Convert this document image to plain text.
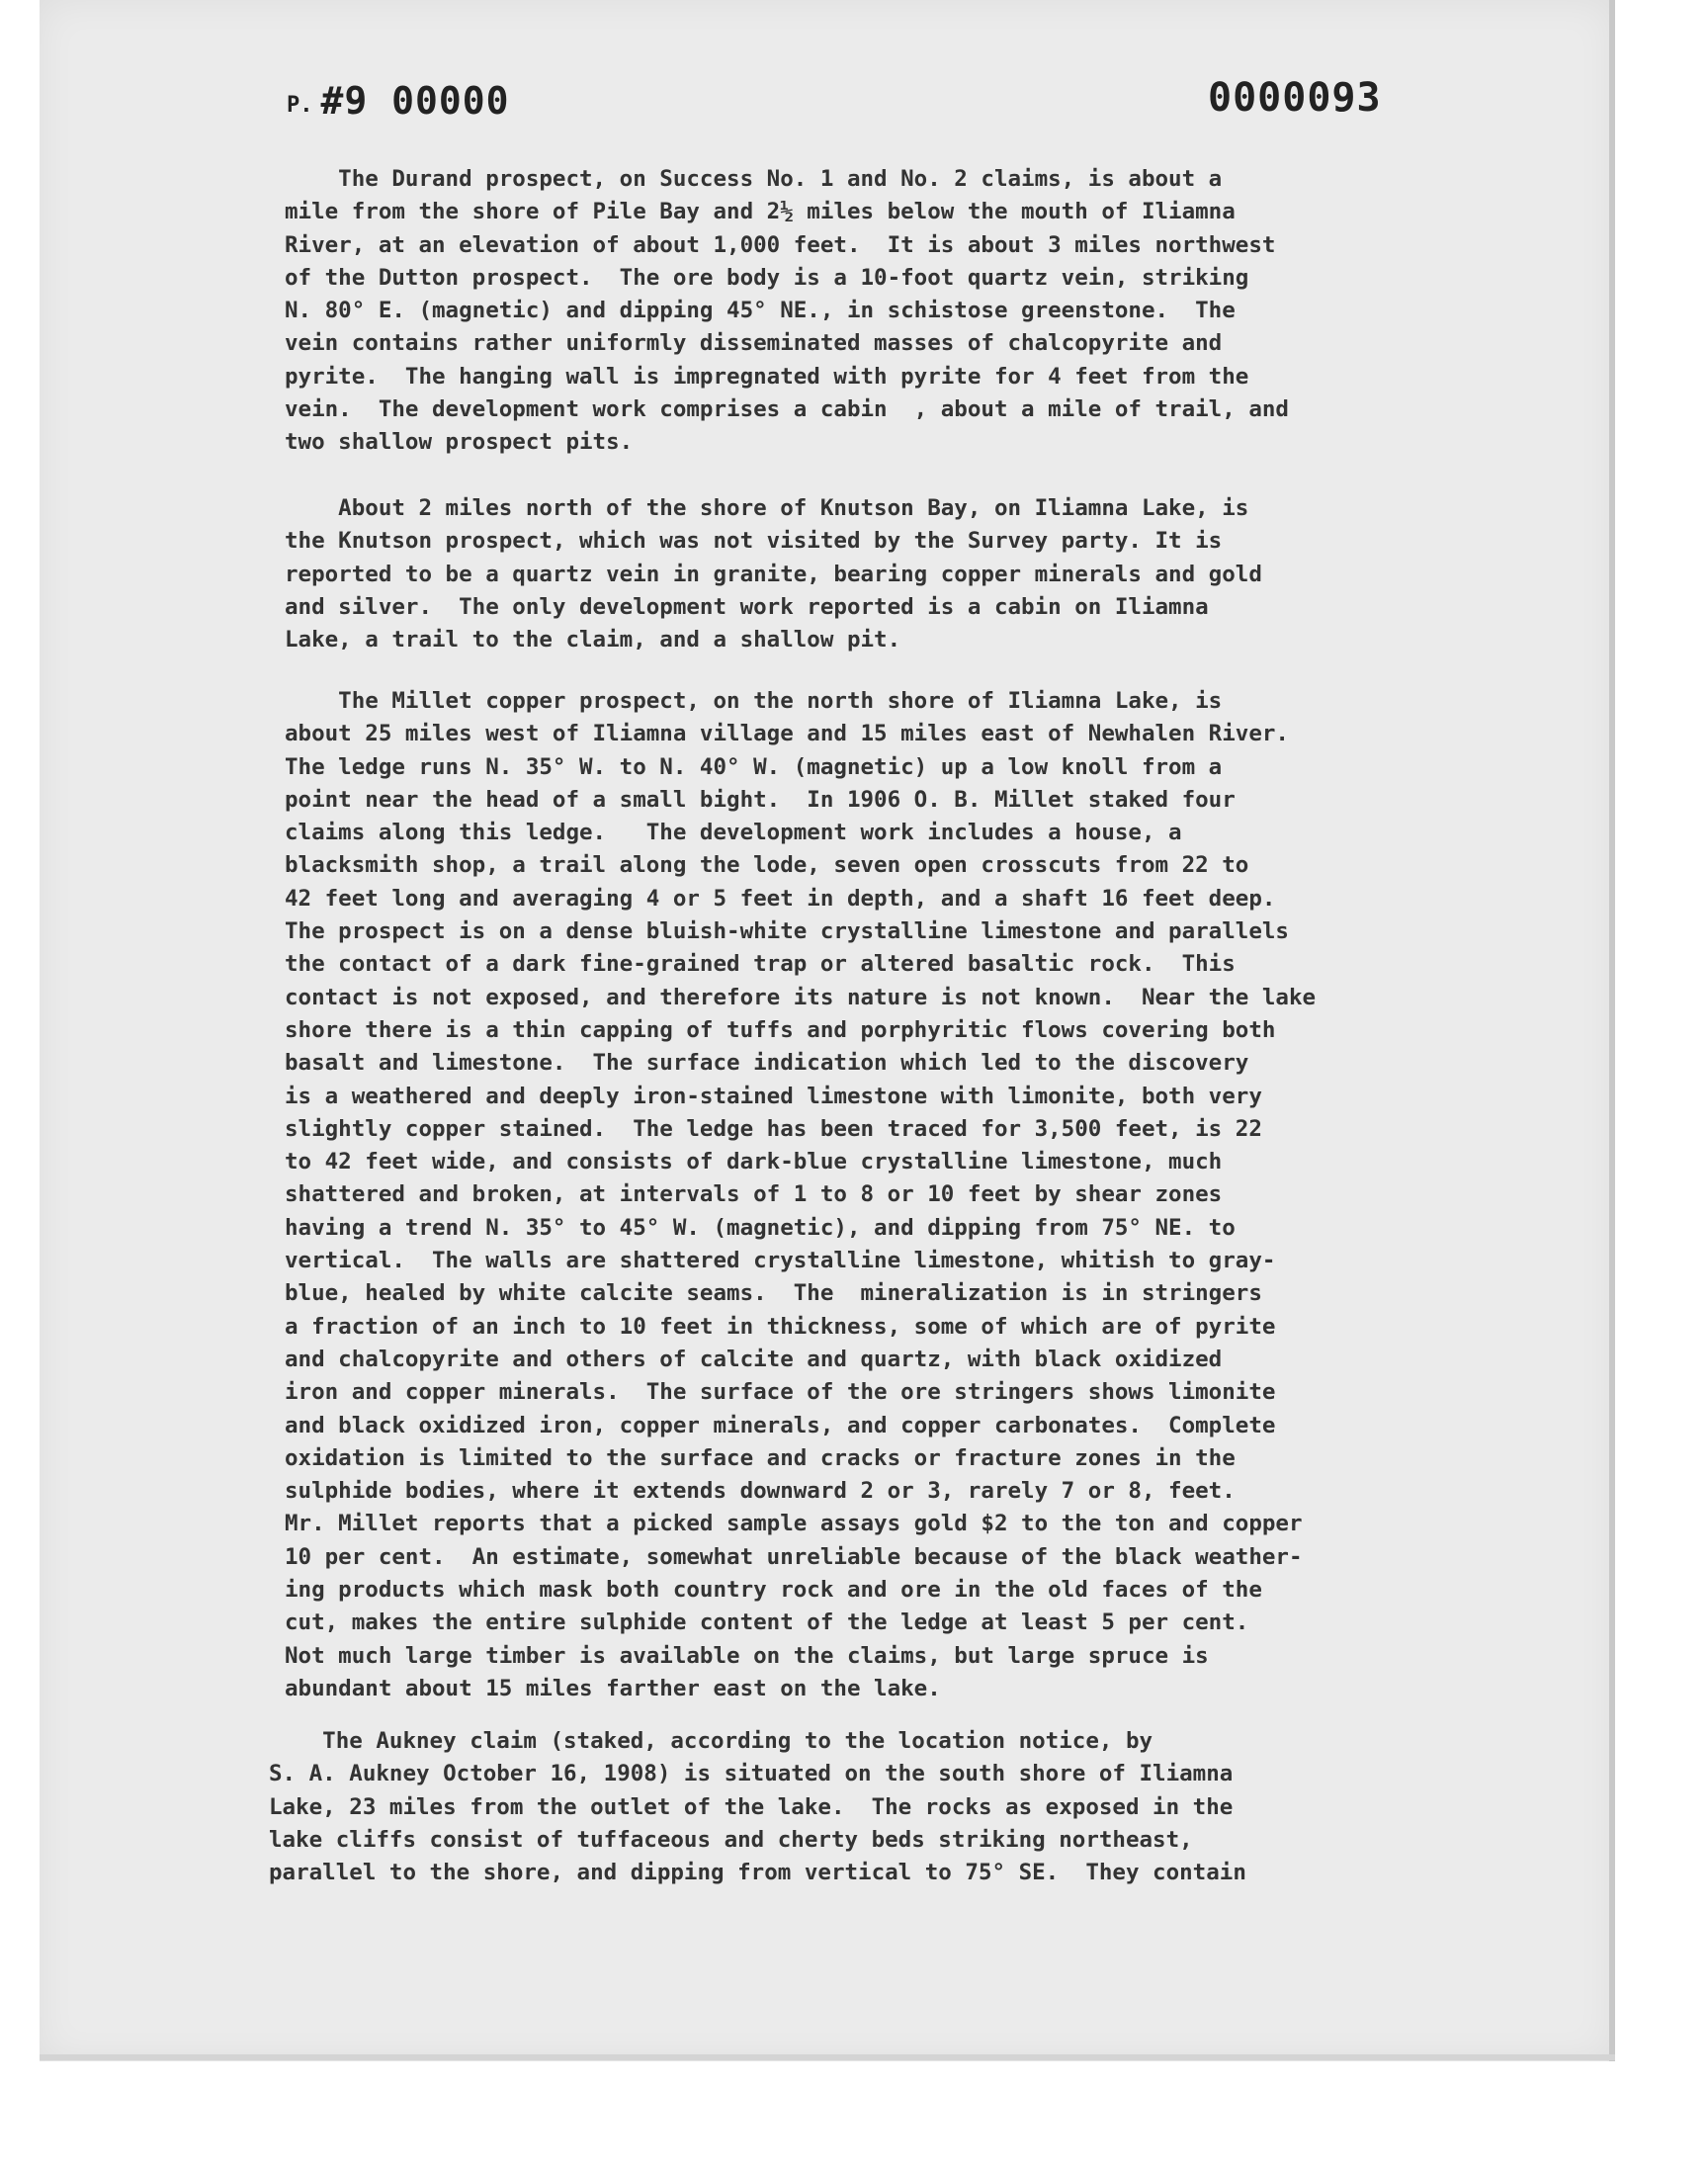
P. #9 00000	0000093

The Durand prospect, on Success No. 1 and No. 2 claims, is about a
mile from the shore of Pile Bay and 2½ miles below the mouth of Iliamna
River, at an elevation of about 1,000 feet.  It is about 3 miles northwest
of the Dutton prospect.  The ore body is a 10-foot quartz vein, striking
N. 80° E. (magnetic) and dipping 45° NE., in schistose greenstone.  The
vein contains rather uniformly disseminated masses of chalcopyrite and
pyrite.  The hanging wall is impregnated with pyrite for 4 feet from the
vein.  The development work comprises a cabin  , about a mile of trail, and
two shallow prospect pits.

About 2 miles north of the shore of Knutson Bay, on Iliamna Lake, is
the Knutson prospect, which was not visited by the Survey party. It is
reported to be a quartz vein in granite, bearing copper minerals and gold
and silver.  The only development work reported is a cabin on Iliamna
Lake, a trail to the claim, and a shallow pit.

The Millet copper prospect, on the north shore of Iliamna Lake, is
about 25 miles west of Iliamna village and 15 miles east of Newhalen River.
The ledge runs N. 35° W. to N. 40° W. (magnetic) up a low knoll from a
point near the head of a small bight.  In 1906 O. B. Millet staked four
claims along this ledge.   The development work includes a house, a
blacksmith shop, a trail along the lode, seven open crosscuts from 22 to
42 feet long and averaging 4 or 5 feet in depth, and a shaft 16 feet deep.
The prospect is on a dense bluish-white crystalline limestone and parallels
the contact of a dark fine-grained trap or altered basaltic rock.  This
contact is not exposed, and therefore its nature is not known.  Near the lake
shore there is a thin capping of tuffs and porphyritic flows covering both
basalt and limestone.  The surface indication which led to the discovery
is a weathered and deeply iron-stained limestone with limonite, both very
slightly copper stained.  The ledge has been traced for 3,500 feet, is 22
to 42 feet wide, and consists of dark-blue crystalline limestone, much
shattered and broken, at intervals of 1 to 8 or 10 feet by shear zones
having a trend N. 35° to 45° W. (magnetic), and dipping from 75° NE. to
vertical.  The walls are shattered crystalline limestone, whitish to gray-
blue, healed by white calcite seams.  The  mineralization is in stringers
a fraction of an inch to 10 feet in thickness, some of which are of pyrite
and chalcopyrite and others of calcite and quartz, with black oxidized
iron and copper minerals.  The surface of the ore stringers shows limonite
and black oxidized iron, copper minerals, and copper carbonates.  Complete
oxidation is limited to the surface and cracks or fracture zones in the
sulphide bodies, where it extends downward 2 or 3, rarely 7 or 8, feet.
Mr. Millet reports that a picked sample assays gold $2 to the ton and copper
10 per cent.  An estimate, somewhat unreliable because of the black weather-
ing products which mask both country rock and ore in the old faces of the
cut, makes the entire sulphide content of the ledge at least 5 per cent.
Not much large timber is available on the claims, but large spruce is
abundant about 15 miles farther east on the lake.

The Aukney claim (staked, according to the location notice, by
S. A. Aukney October 16, 1908) is situated on the south shore of Iliamna
Lake, 23 miles from the outlet of the lake.  The rocks as exposed in the
lake cliffs consist of tuffaceous and cherty beds striking northeast,
parallel to the shore, and dipping from vertical to 75° SE.  They contain
